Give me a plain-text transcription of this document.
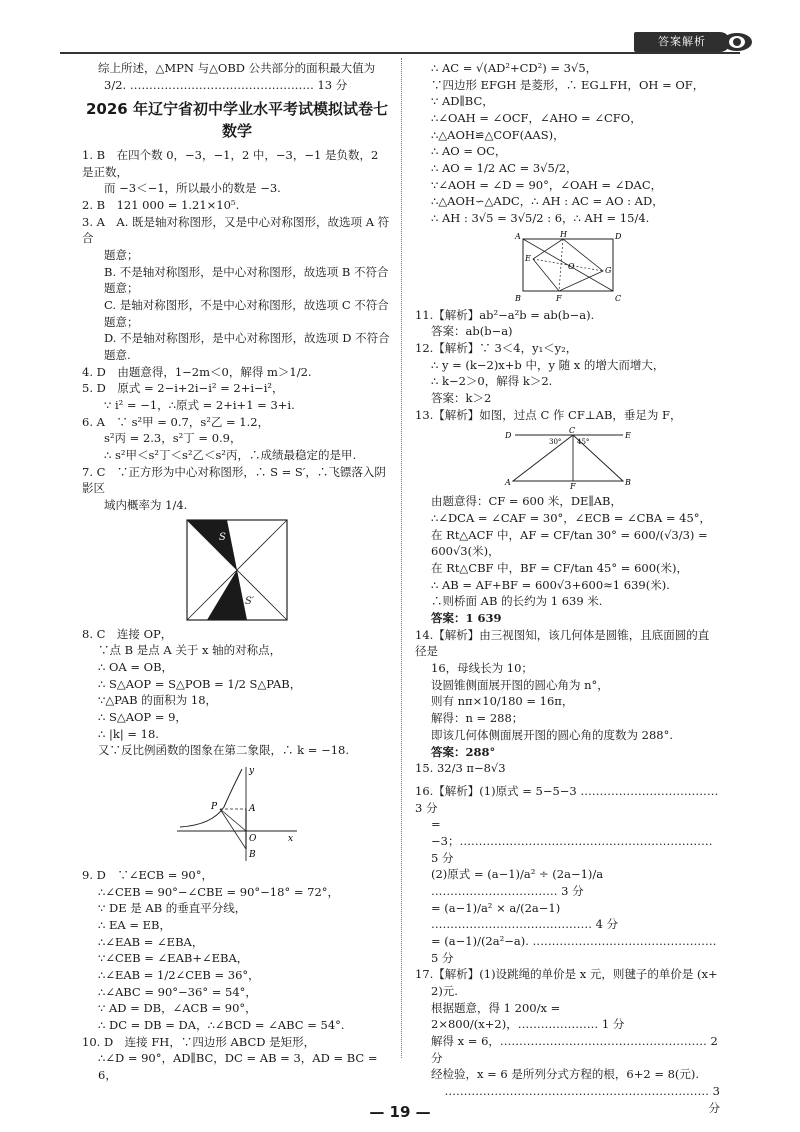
答案解析

综上所述，△MPN 与△OBD 公共部分的面积最大值为

3/2. ………………………………………… 13 分

2026 年辽宁省初中学业水平考试模拟试卷七

数学

1. B　在四个数 0，−3，−1，2 中，−3，−1 是负数，2 是正数，

而 −3＜−1，所以最小的数是 −3.

2. B　121 000 = 1.21×10⁵.

3. A　A. 既是轴对称图形，又是中心对称图形，故选项 A 符合

题意；

B. 不是轴对称图形，是中心对称图形，故选项 B 不符合

题意；

C. 是轴对称图形，不是中心对称图形，故选项 C 不符合

题意；

D. 不是轴对称图形，是中心对称图形，故选项 D 不符合

题意.

4. D　由题意得，1−2m＜0，解得 m＞1/2.

5. D　原式 = 2−i+2i−i² = 2+i−i²，

∵ i² = −1，∴原式 = 2+i+1 = 3+i.

6. A　∵ s²甲 = 0.7，s²乙 = 1.2，

s²丙 = 2.3，s²丁 = 0.9，

∴ s²甲＜s²丁＜s²乙＜s²丙，∴成绩最稳定的是甲.

7. C　∵正方形为中心对称图形，∴ S = S′，∴飞镖落入阴影区

域内概率为 1/4.

S
S′

8. C　连接 OP，

∵点 B 是点 A 关于 x 轴的对称点，

∴ OA = OB，

∴ S△AOP = S△POB = 1/2 S△PAB，

∵△PAB 的面积为 18，

∴ S△AOP = 9，

∴ |k| = 18.

又∵反比例函数的图象在第二象限，∴ k = −18.

y
P	A
O	x
B

9. D　∵∠ECB = 90°，

∴∠CEB = 90°−∠CBE = 90°−18° = 72°，

∵ DE 是 AB 的垂直平分线，

∴ EA = EB，

∴∠EAB = ∠EBA，

∵∠CEB = ∠EAB+∠EBA，

∴∠EAB = 1/2∠CEB = 36°，

∴∠ABC = 90°−36° = 54°，

∵ AD = DB，∠ACB = 90°，

∴ DC = DB = DA，∴∠BCD = ∠ABC = 54°.

10. D　连接 FH，∵四边形 ABCD 是矩形，

∴∠D = 90°，AD∥BC，DC = AB = 3，AD = BC = 6，

∴ AC = √(AD²+CD²) = 3√5，

∵四边形 EFGH 是菱形，∴ EG⊥FH，OH = OF，

∵ AD∥BC，

∴∠OAH = ∠OCF，∠AHO = ∠CFO，

∴△AOH≌△COF(AAS)，

∴ AO = OC，

∴ AO = 1/2 AC = 3√5/2，

∵∠AOH = ∠D = 90°，∠OAH = ∠DAC，

∴△AOH∽△ADC，∴ AH : AC = AO : AD，

∴ AH : 3√5 = 3√5/2 : 6，∴ AH = 15/4.

A	H	D
E
O	G
B	F	C

11.【解析】ab²−a²b = ab(b−a).

答案：ab(b−a)

12.【解析】∵ 3＜4，y₁＜y₂，

∴ y = (k−2)x+b 中，y 随 x 的增大而增大，

∴ k−2＞0，解得 k＞2.

答案：k＞2

13.【解析】如图，过点 C 作 CF⊥AB，垂足为 F，

D
C
E
30° 45°
A	F	B

由题意得：CF = 600 米，DE∥AB，

∴∠DCA = ∠CAF = 30°，∠ECB = ∠CBA = 45°，

在 Rt△ACF 中，AF = CF/tan 30° = 600/(√3/3) = 600√3(米)，

在 Rt△CBF 中，BF = CF/tan 45° = 600(米)，

∴ AB = AF+BF = 600√3+600≈1 639(米).

∴则桥面 AB 的长约为 1 639 米.

答案：1 639

14.【解析】由三视图知，该几何体是圆锥，且底面圆的直径是

16，母线长为 10；

设圆锥侧面展开图的圆心角为 n°，

则有 nπ×10/180 = 16π，

解得：n = 288；

即该几何体侧面展开图的圆心角的度数为 288°.

答案：288°

15. 32/3 π−8√3

16.【解析】(1)原式 = 5−5−3 ……………………………… 3 分

= −3；………………………………………………………… 5 分

(2)原式 = (a−1)/a² ÷ (2a−1)/a …………………………… 3 分

= (a−1)/a² × a/(2a−1) …………………………………… 4 分

= (a−1)/(2a²−a). ………………………………………… 5 分

17.【解析】(1)设跳绳的单价是 x 元，则毽子的单价是 (x+

2)元.

根据题意，得 1 200/x = 2×800/(x+2)，………………… 1 分

解得 x = 6，……………………………………………… 2 分

经检验，x = 6 是所列分式方程的根，6+2 = 8(元).

…………………………………………………………… 3 分

— 19 —
